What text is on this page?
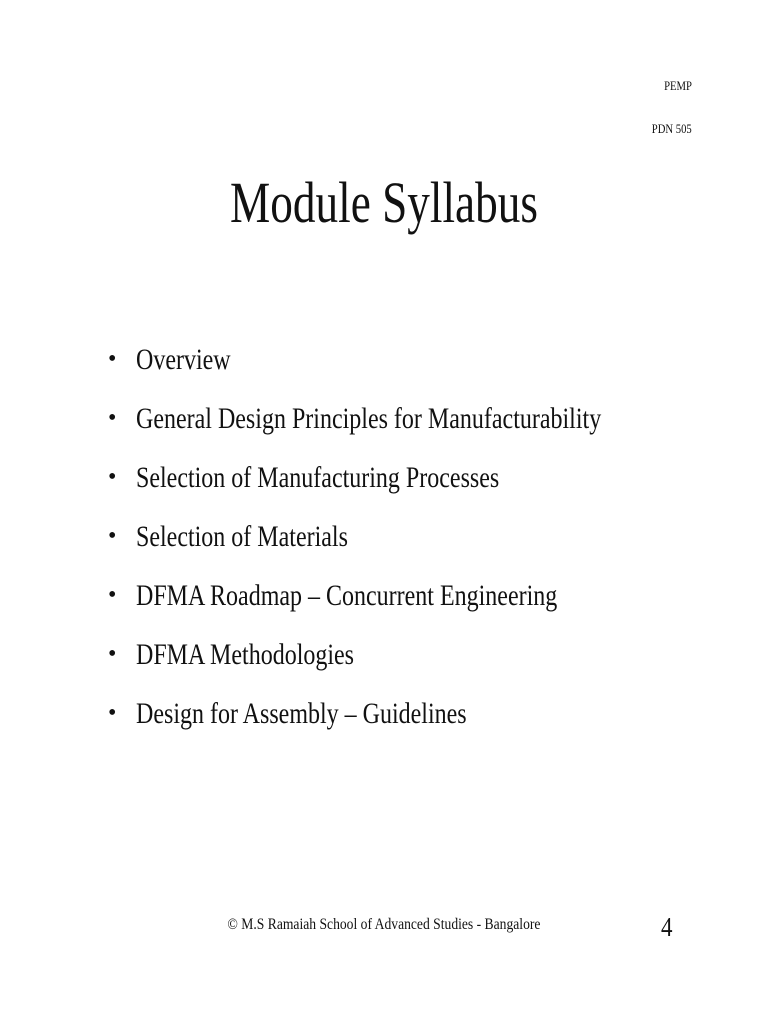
PEMP
PDN 505
Module Syllabus
• Overview
• General Design Principles for Manufacturability
• Selection of Manufacturing Processes
• Selection of Materials
• DFMA Roadmap – Concurrent Engineering
• DFMA Methodologies
• Design for Assembly – Guidelines
© M.S Ramaiah School of Advanced Studies - Bangalore	4
